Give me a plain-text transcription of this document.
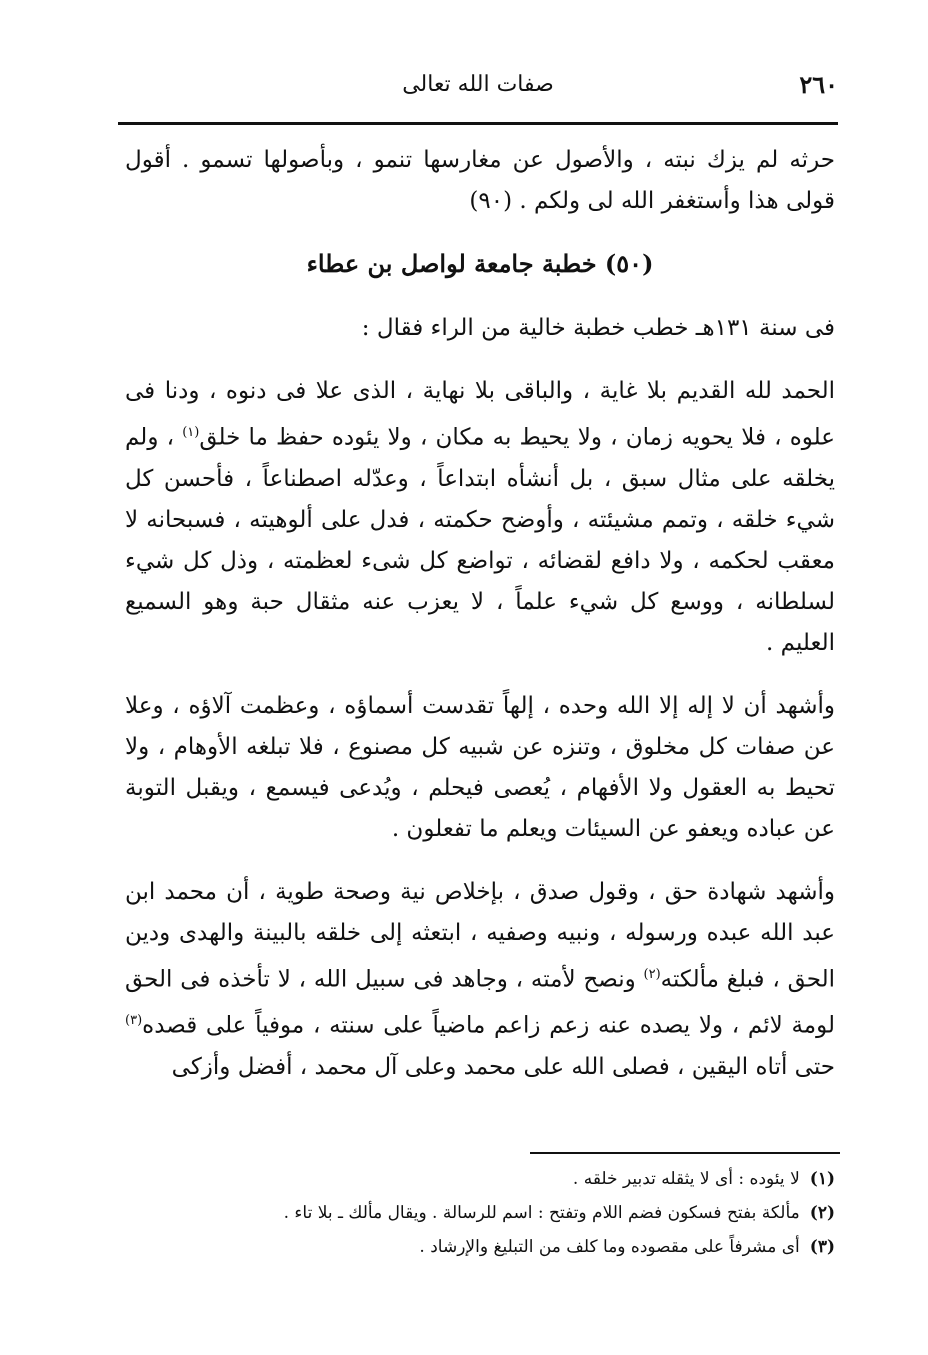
٢٦٠
صفات الله تعالى

حرثه لم يزك نبته ، والأصول عن مغارسها تنمو ، وبأصولها تسمو . أقول قولى هذا وأستغفر الله لى ولكم . (٩٠)

(٥٠) خطبة جامعة لواصل بن عطاء

فى سنة ١٣١هـ خطب خطبة خالية من الراء فقال :

الحمد لله القديم بلا غاية ، والباقى بلا نهاية ، الذى علا فى دنوه ، ودنا فى علوه ، فلا يحويه زمان ، ولا يحيط به مكان ، ولا يئوده حفظ ما خلق$^{(١)}$ ، ولم يخلقه على مثال سبق ، بل أنشأه ابتداعاً ، وعدّله اصطناعاً ، فأحسن كل شيء خلقه ، وتمم مشيئته ، وأوضح حكمته ، فدل على ألوهيته ، فسبحانه لا معقب لحكمه ، ولا دافع لقضائه ، تواضع كل شىء لعظمته ، وذل كل شيء لسلطانه ، ووسع كل شيء علماً ، لا يعزب عنه مثقال حبة وهو السميع العليم .

وأشهد أن لا إله إلا الله وحده ، إلهاً تقدست أسماؤه ، وعظمت آلاؤه ، وعلا عن صفات كل مخلوق ، وتنزه عن شبيه كل مصنوع ، فلا تبلغه الأوهام ، ولا تحيط به العقول ولا الأفهام ، يُعصى فيحلم ، ويُدعى فيسمع ، ويقبل التوبة عن عباده ويعفو عن السيئات ويعلم ما تفعلون .

وأشهد شهادة حق ، وقول صدق ، بإخلاص نية وصحة طوية ، أن محمد ابن عبد الله عبده ورسوله ، ونبيه وصفيه ، ابتعثه إلى خلقه بالبينة والهدى ودين الحق ، فبلغ مألكته$^{(٢)}$ ونصح لأمته ، وجاهد فى سبيل الله ، لا تأخذه فى الحق لومة لائم ، ولا يصده عنه زعم زاعم ماضياً على سنته ، موفياً على قصده$^{(٣)}$ حتى أتاه اليقين ، فصلى الله على محمد وعلى آل محمد ، أفضل وأزكى

(١)لا يئوده : أى لا يثقله تدبير خلقه .

(٢)مألكة بفتح فسكون فضم اللام وتفتح : اسم للرسالة . ويقال مألك ـ بلا تاء .

(٣)أى مشرفاً على مقصوده وما كلف من التبليغ والإرشاد .
